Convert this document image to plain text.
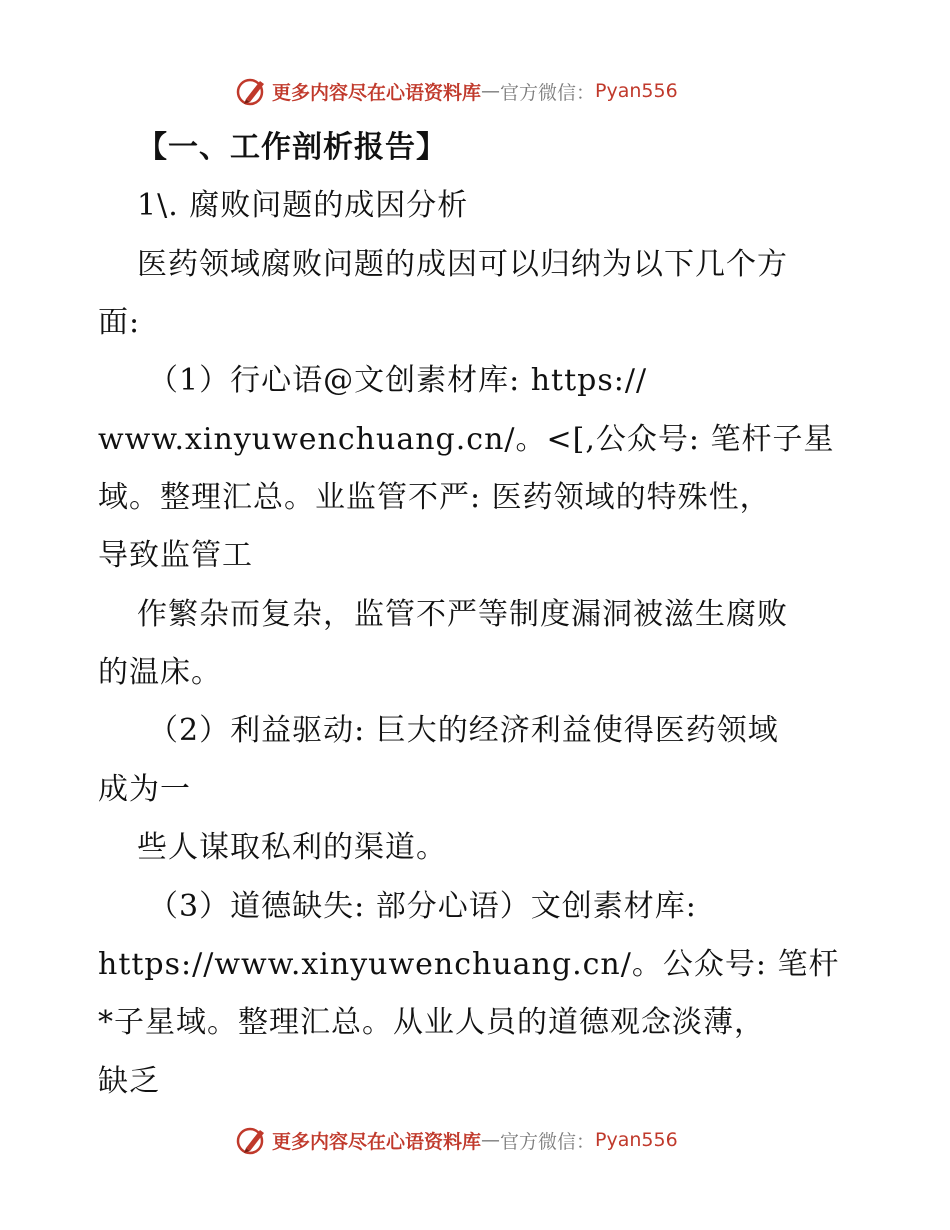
更多内容尽在心语资料库 — 官方微信： Pyan556
【一、工作剖析报告】
1\. 腐败问题的成因分析
医药领域腐败问题的成因可以归纳为以下几个方
面:
（1）行心语@文创素材库: https://
www.xinyuwenchuang.cn/。<[,公众号: 笔杆子星
域。整理汇总。业监管不严: 医药领域的特殊性，
导致监管工
作繁杂而复杂，监管不严等制度漏洞被滋生腐败
的温床。
（2）利益驱动: 巨大的经济利益使得医药领域
成为一
些人谋取私利的渠道。
（3）道德缺失: 部分心语）文创素材库:
https://www.xinyuwenchuang.cn/。公众号: 笔杆
*子星域。整理汇总。从业人员的道德观念淡薄，
缺乏
更多内容尽在心语资料库 — 官方微信： Pyan556
